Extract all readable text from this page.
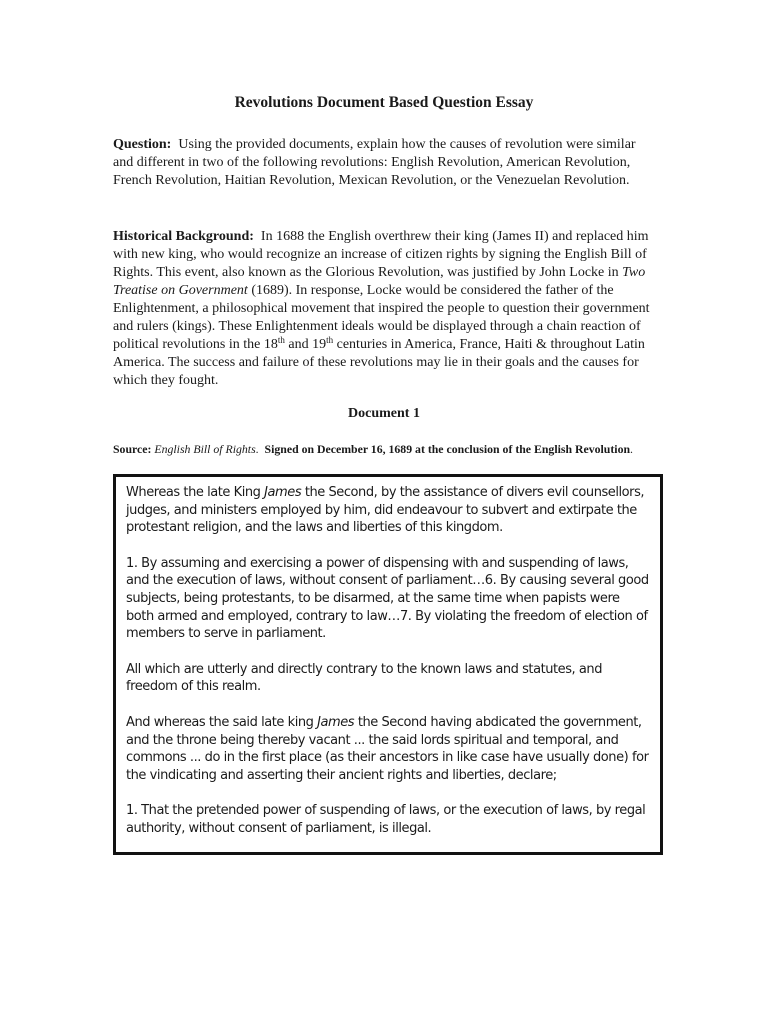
Revolutions Document Based Question Essay
Question: Using the provided documents, explain how the causes of revolution were similar and different in two of the following revolutions: English Revolution, American Revolution, French Revolution, Haitian Revolution, Mexican Revolution, or the Venezuelan Revolution.
Historical Background: In 1688 the English overthrew their king (James II) and replaced him with new king, who would recognize an increase of citizen rights by signing the English Bill of Rights. This event, also known as the Glorious Revolution, was justified by John Locke in Two Treatise on Government (1689). In response, Locke would be considered the father of the Enlightenment, a philosophical movement that inspired the people to question their government and rulers (kings). These Enlightenment ideals would be displayed through a chain reaction of political revolutions in the 18th and 19th centuries in America, France, Haiti & throughout Latin America. The success and failure of these revolutions may lie in their goals and the causes for which they fought.
Document 1
Source: English Bill of Rights.  Signed on December 16, 1689 at the conclusion of the English Revolution.

Whereas the late King James the Second, by the assistance of divers evil counsellors, judges, and ministers employed by him, did endeavour to subvert and extirpate the protestant religion, and the laws and liberties of this kingdom.

1. By assuming and exercising a power of dispensing with and suspending of laws, and the execution of laws, without consent of parliament…6. By causing several good subjects, being protestants, to be disarmed, at the same time when papists were both armed and employed, contrary to law…7. By violating the freedom of election of members to serve in parliament.

All which are utterly and directly contrary to the known laws and statutes, and freedom of this realm.

And whereas the said late king James the Second having abdicated the government, and the throne being thereby vacant ... the said lords spiritual and temporal, and commons ... do in the first place (as their ancestors in like case have usually done) for the vindicating and asserting their ancient rights and liberties, declare;

1. That the pretended power of suspending of laws, or the execution of laws, by regal authority, without consent of parliament, is illegal.
